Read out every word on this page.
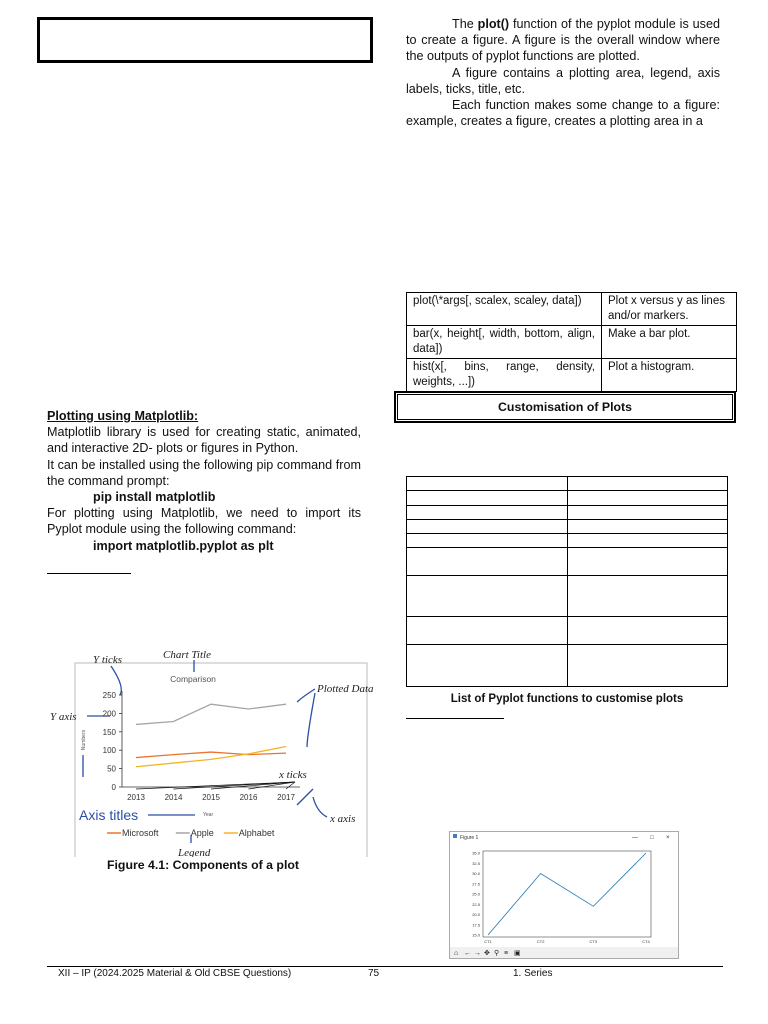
The plot() function of the pyplot module is used to create a figure. A figure is the overall window where the outputs of pyplot functions are plotted.
A figure contains a plotting area, legend, axis labels, ticks, title, etc.
Each function makes some change to a figure: example, creates a figure, creates a plotting area in a
plot(\*args[, scalex, scaley, data])	Plot x versus y as lines and/or markers.
bar(x, height[, width, bottom, align, data])	Make a bar plot.
hist(x[, bins, range, density, weights, ...])	Plot a histogram.
Customisation of Plots

List of Pyplot functions to customise plots
Plotting using Matplotlib:
Matplotlib library is used for creating static, animated, and interactive 2D- plots or figures in Python.
It can be installed using the following pip command from the command prompt:
pip install matplotlib
For plotting using Matplotlib, we need to import its Pyplot module using the following command:
import matplotlib.pyplot as plt
Y ticks	Chart Title
Plotted Data
Y axis
x ticks
x axis
Axis titles
Legend
Comparison
Numbers
Year
250
200
150
100
50
0
2013 2014 2015 2016 2017
Microsoft	Apple	Alphabet
Figure 4.1: Components of a plot
Figure 1	— □ ×
35.0
32.5
30.0
27.5
25.0
22.5
20.0
17.5
15.0
CT1	CT2	CT3	CT4
⌂ ← → ✥ ⚲ ≡ ▣
XII – IP (2024.2025 Material & Old CBSE Questions)	75	1. Series
